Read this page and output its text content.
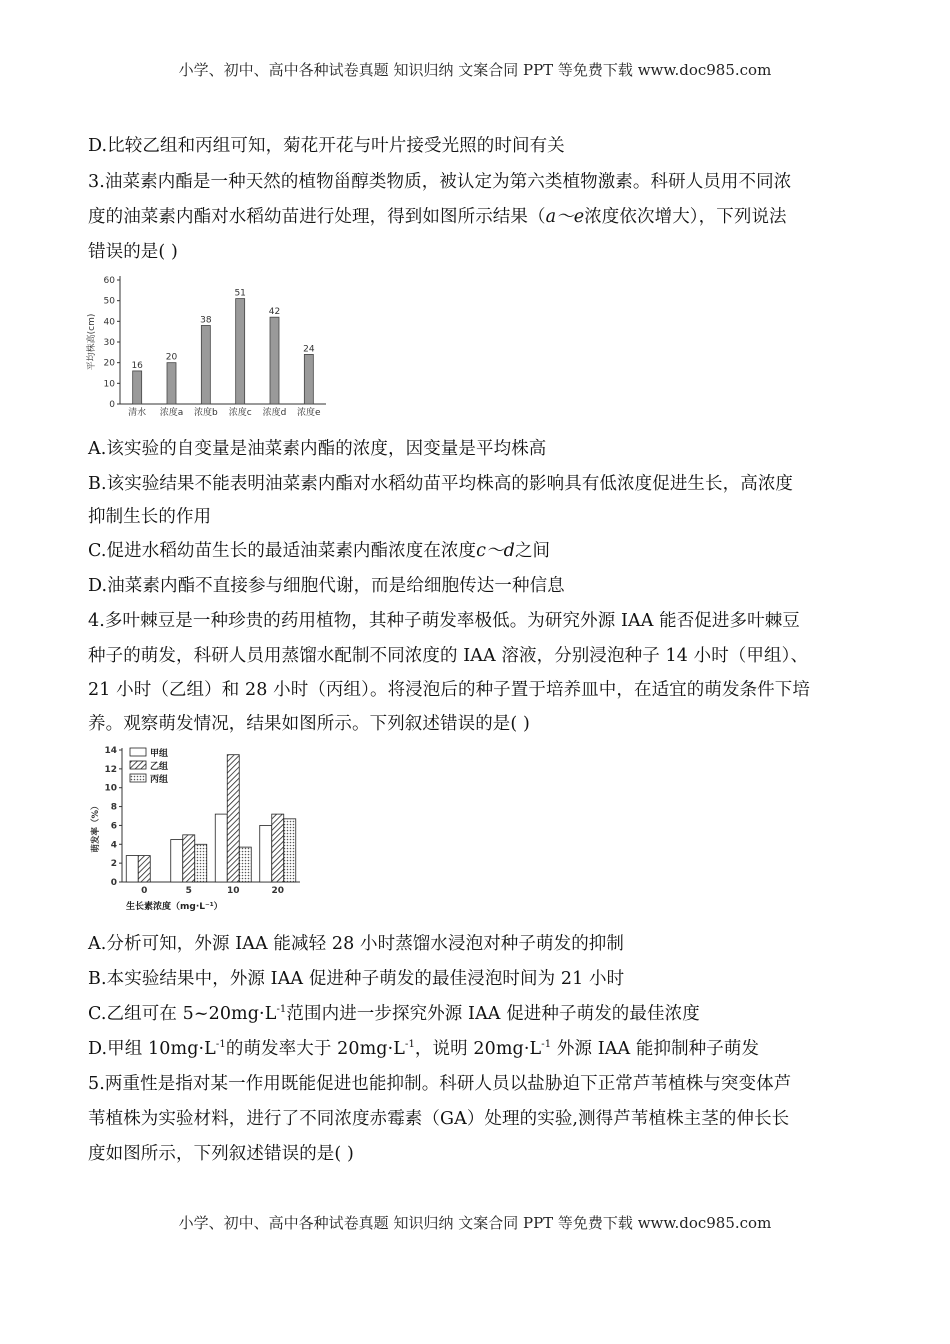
小学、初中、高中各种试卷真题 知识归纳 文案合同 PPT 等免费下载 www.doc985.com
D.比较乙组和丙组可知，菊花开花与叶片接受光照的时间有关
3.油菜素内酯是一种天然的植物甾醇类物质，被认定为第六类植物激素。科研人员用不同浓
度的油菜素内酯对水稻幼苗进行处理，得到如图所示结果（a～e浓度依次增大），下列说法
错误的是( )
0
10
20
30
40
50
60
平均株高(cm)	16
清水
20
浓度a
38
浓度b
51
浓度c
42
浓度d
24
浓度e
A.该实验的自变量是油菜素内酯的浓度，因变量是平均株高
B.该实验结果不能表明油菜素内酯对水稻幼苗平均株高的影响具有低浓度促进生长，高浓度
抑制生长的作用
C.促进水稻幼苗生长的最适油菜素内酯浓度在浓度c～d之间
D.油菜素内酯不直接参与细胞代谢，而是给细胞传达一种信息
4.多叶棘豆是一种珍贵的药用植物，其种子萌发率极低。为研究外源 IAA 能否促进多叶棘豆
种子的萌发，科研人员用蒸馏水配制不同浓度的 IAA 溶液，分别浸泡种子 14 小时（甲组）、
21 小时（乙组）和 28 小时（丙组）。将浸泡后的种子置于培养皿中，在适宜的萌发条件下培
养。观察萌发情况，结果如图所示。下列叙述错误的是( )
0
2
4
6
8
10
12
14
萌发率（%）
0	5	10	20
生长素浓度（mg·L⁻¹）
甲组
乙组
丙组
A.分析可知，外源 IAA 能减轻 28 小时蒸馏水浸泡对种子萌发的抑制
B.本实验结果中，外源 IAA 促进种子萌发的最佳浸泡时间为 21 小时
C.乙组可在 $5\sim 20mg\cdot L^{-1}$范围内进一步探究外源 IAA 促进种子萌发的最佳浓度
D.甲组 $10mg\cdot L^{-1}$的萌发率大于 $20mg\cdot L^{-1}$，说明 $20mg\cdot L^{-1}$ 外源 IAA 能抑制种子萌发
5.两重性是指对某一作用既能促进也能抑制。科研人员以盐胁迫下正常芦苇植株与突变体芦
苇植株为实验材料，进行了不同浓度赤霉素（GA）处理的实验,测得芦苇植株主茎的伸长长
度如图所示，下列叙述错误的是( )
小学、初中、高中各种试卷真题 知识归纳 文案合同 PPT 等免费下载 www.doc985.com
